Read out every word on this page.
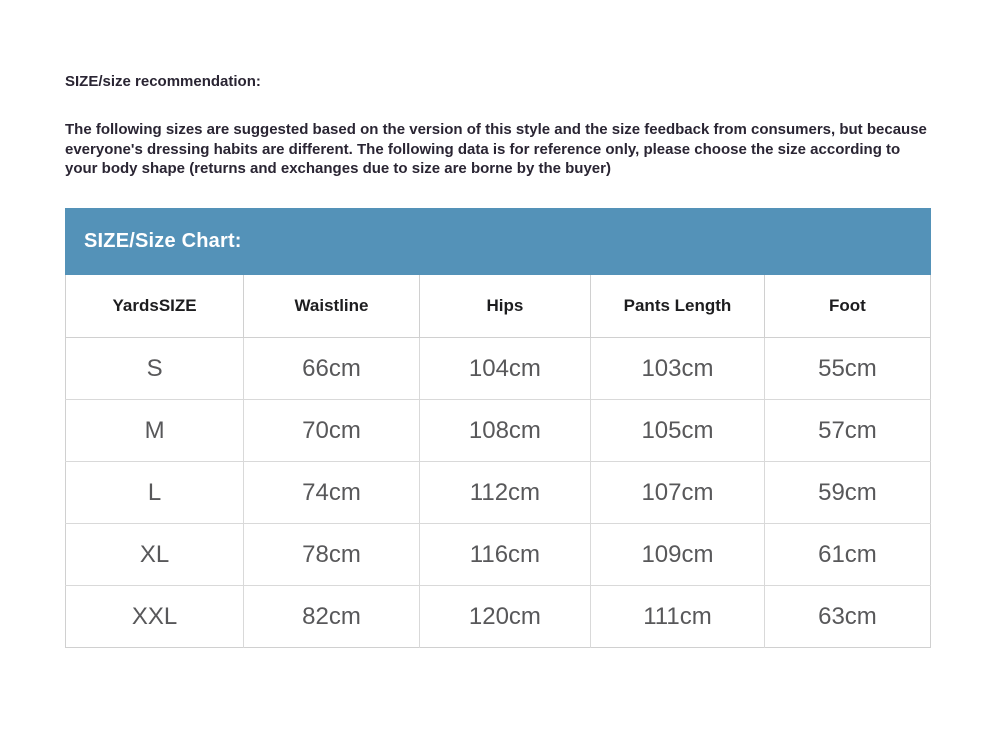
SIZE/size recommendation:
The following sizes are suggested based on the version of this style and the size feedback from consumers, but because everyone's dressing habits are different. The following data is for reference only, please choose the size according to your body shape (returns and exchanges due to size are borne by the buyer)
SIZE/Size Chart:
YardsSIZE	Waistline	Hips	Pants Length	Foot
S	66cm	104cm	103cm	55cm
M	70cm	108cm	105cm	57cm
L	74cm	112cm	107cm	59cm
XL	78cm	116cm	109cm	61cm
XXL	82cm	120cm	111cm	63cm
